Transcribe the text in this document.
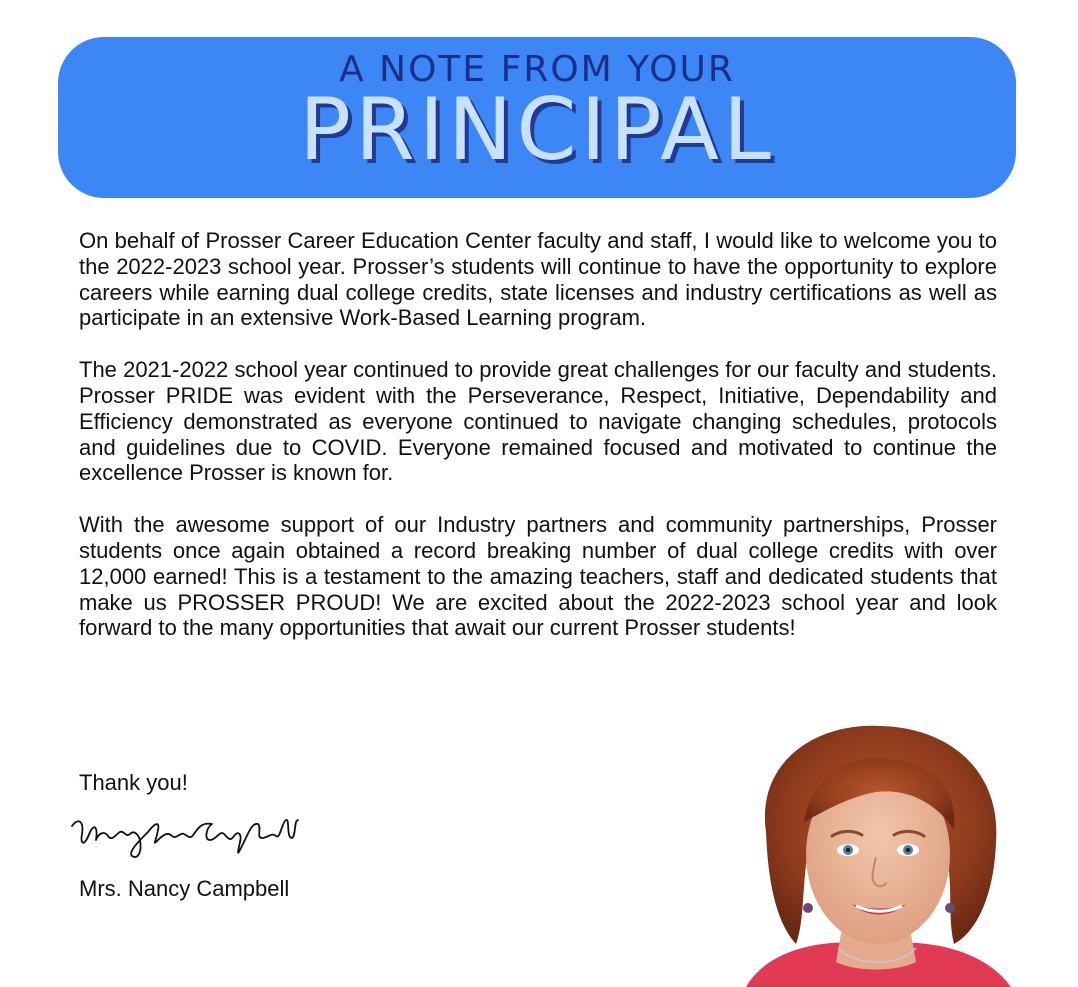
A NOTE FROM YOUR
PRINCIPAL

On behalf of Prosser Career Education Center faculty and staff, I would like to welcome you to the 2022-2023 school year. Prosser’s students will continue to have the opportunity to explore careers while earning dual college credits, state licenses and industry certifications as well as participate in an extensive Work-Based Learning program.

The 2021-2022 school year continued to provide great challenges for our faculty and students. Prosser PRIDE was evident with the Perseverance, Respect, Initiative, Dependability and Efficiency demonstrated as everyone continued to navigate changing schedules, protocols and guidelines due to COVID. Everyone remained focused and motivated to continue the excellence Prosser is known for.

With the awesome support of our Industry partners and community partnerships, Prosser students once again obtained a record breaking number of dual college credits with over 12,000 earned! This is a testament to the amazing teachers, staff and dedicated students that make us PROSSER PROUD! We are excited about the 2022-2023 school year and look forward to the many opportunities that await our current Prosser students!

Thank you!

Mrs. Nancy Campbell
